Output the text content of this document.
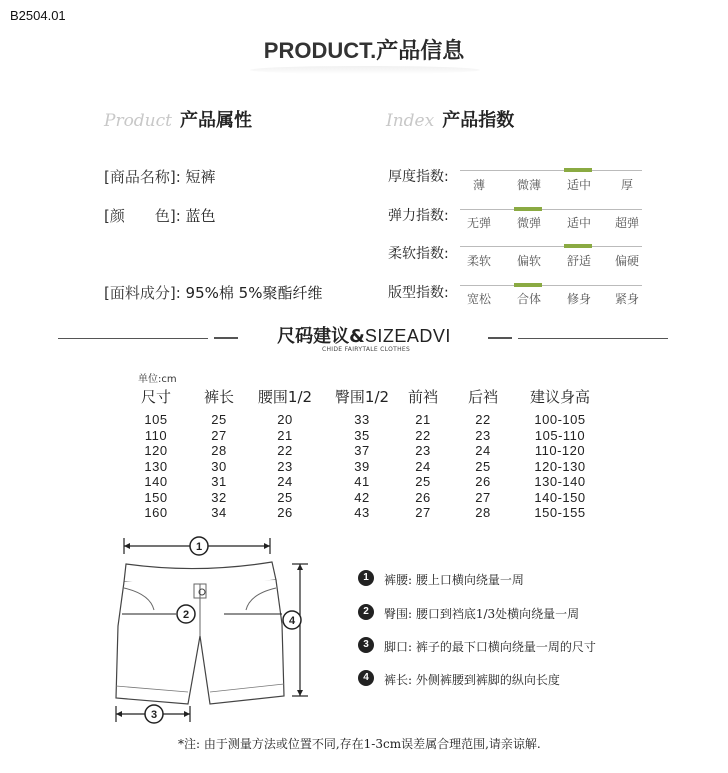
B2504.01
PRODUCT.产品信息
Product 产品属性	Index 产品指数
[商品名称]: 短裤
[颜　　色]: 蓝色
[面料成分]: 95%棉 5%聚酯纤维
厚度指数:	薄	微薄	适中	厚
弹力指数:	无弹	微弹	适中	超弹
柔软指数:	柔软	偏软	舒适	偏硬
版型指数:	宽松	合体	修身	紧身
尺码建议&SIZEADVI
CHIDE FAIRYTALE CLOTHES
单位:cm
尺寸	裤长	腰围1/2	臀围1/2	前裆	后裆	建议身高
105	25	20	33	21	22	100-105
110	27	21	35	22	23	105-110
120	28	22	37	23	24	110-120
130	30	23	39	24	25	120-130
140	31	24	41	25	26	130-140
150	32	25	42	26	27	140-150
160	34	26	43	27	28	150-155
1
2	4
3
1	裤腰: 腰上口横向绕量一周
2	臀围: 腰口到裆底1/3处横向绕量一周
3	脚口: 裤子的最下口横向绕量一周的尺寸
4	裤长: 外侧裤腰到裤脚的纵向长度
*注: 由于测量方法或位置不同,存在1-3cm误差属合理范围,请亲谅解.
